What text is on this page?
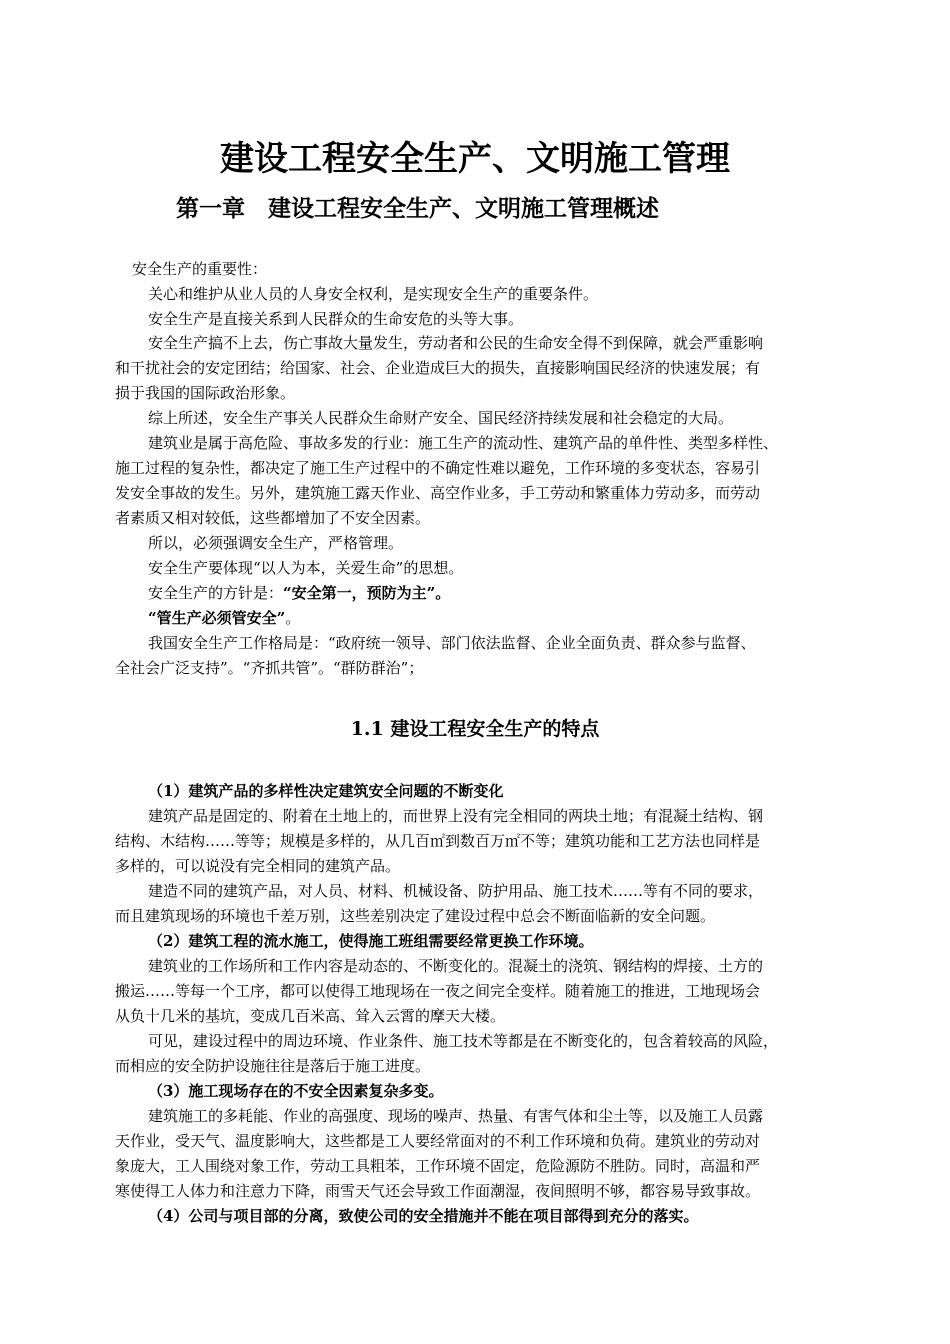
建设工程安全生产、文明施工管理
第一章　建设工程安全生产、文明施工管理概述
安全生产的重要性：
关心和维护从业人员的人身安全权利，是实现安全生产的重要条件。
安全生产是直接关系到人民群众的生命安危的头等大事。
安全生产搞不上去，伤亡事故大量发生，劳动者和公民的生命安全得不到保障，就会严重影响
和干扰社会的安定团结；给国家、社会、企业造成巨大的损失，直接影响国民经济的快速发展；有
损于我国的国际政治形象。
综上所述，安全生产事关人民群众生命财产安全、国民经济持续发展和社会稳定的大局。
建筑业是属于高危险、事故多发的行业：施工生产的流动性、建筑产品的单件性、类型多样性、
施工过程的复杂性，都决定了施工生产过程中的不确定性难以避免，工作环境的多变状态，容易引
发安全事故的发生。另外，建筑施工露天作业、高空作业多，手工劳动和繁重体力劳动多，而劳动
者素质又相对较低，这些都增加了不安全因素。
所以，必须强调安全生产，严格管理。
安全生产要体现“以人为本，关爱生命”的思想。
安全生产的方针是：“安全第一，预防为主”。
“管生产必须管安全”。
我国安全生产工作格局是：“政府统一领导、部门依法监督、企业全面负责、群众参与监督、
全社会广泛支持”。“齐抓共管”。“群防群治”；
1.1 建设工程安全生产的特点
（1）建筑产品的多样性决定建筑安全问题的不断变化
建筑产品是固定的、附着在土地上的，而世界上没有完全相同的两块土地；有混凝土结构、钢
结构、木结构……等等；规模是多样的，从几百㎡到数百万㎡不等；建筑功能和工艺方法也同样是
多样的，可以说没有完全相同的建筑产品。
建造不同的建筑产品，对人员、材料、机械设备、防护用品、施工技术……等有不同的要求，
而且建筑现场的环境也千差万别，这些差别决定了建设过程中总会不断面临新的安全问题。
（2）建筑工程的流水施工，使得施工班组需要经常更换工作环境。
建筑业的工作场所和工作内容是动态的、不断变化的。混凝土的浇筑、钢结构的焊接、土方的
搬运……等每一个工序，都可以使得工地现场在一夜之间完全变样。随着施工的推进，工地现场会
从负十几米的基坑，变成几百米高、耸入云霄的摩天大楼。
可见，建设过程中的周边环境、作业条件、施工技术等都是在不断变化的，包含着较高的风险，
而相应的安全防护设施往往是落后于施工进度。
（3）施工现场存在的不安全因素复杂多变。
建筑施工的多耗能、作业的高强度、现场的噪声、热量、有害气体和尘土等，以及施工人员露
天作业，受天气、温度影响大，这些都是工人要经常面对的不利工作环境和负荷。建筑业的劳动对
象庞大，工人围绕对象工作，劳动工具粗苯，工作环境不固定，危险源防不胜防。同时，高温和严
寒使得工人体力和注意力下降，雨雪天气还会导致工作面潮湿，夜间照明不够，都容易导致事故。
（4）公司与项目部的分离，致使公司的安全措施并不能在项目部得到充分的落实。
